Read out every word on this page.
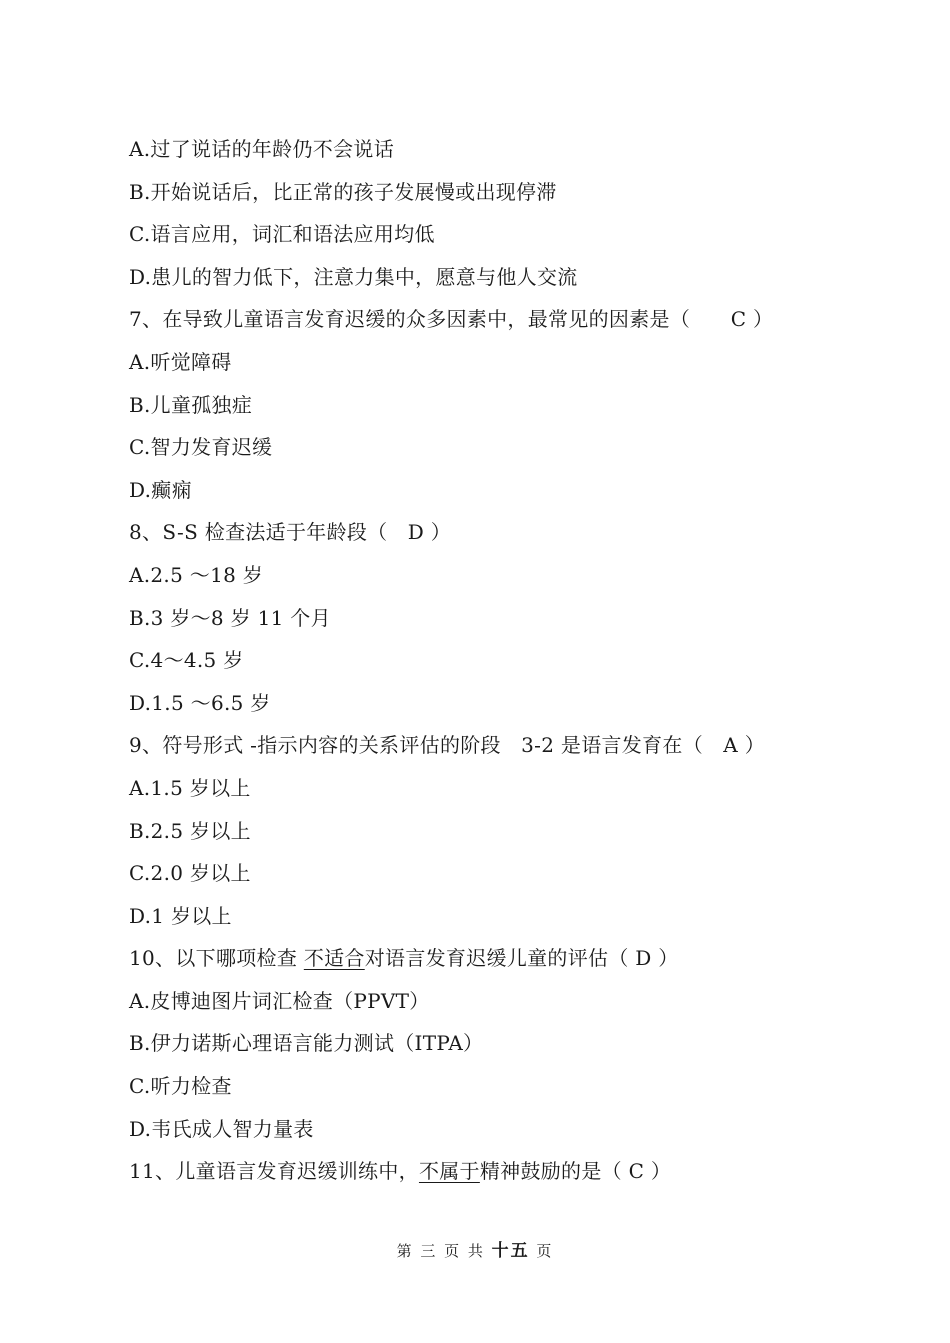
A.过了说话的年龄仍不会说话
B.开始说话后，比正常的孩子发展慢或出现停滞
C.语言应用，词汇和语法应用均低
D.患儿的智力低下，注意力集中，愿意与他人交流
7、在导致儿童语言发育迟缓的众多因素中，最常见的因素是（　　C ）
A.听觉障碍
B.儿童孤独症
C.智力发育迟缓
D.癫痫
8、S-S 检查法适于年龄段（　D ）
A.2.5 ～18 岁
B.3 岁～8 岁 11 个月
C.4～4.5 岁
D.1.5 ～6.5 岁
9、符号形式 -指示内容的关系评估的阶段　3-2 是语言发育在（　A ）
A.1.5 岁以上
B.2.5 岁以上
C.2.0 岁以上
D.1 岁以上
10、以下哪项检查 不适合对语言发育迟缓儿童的评估（ D ）
A.皮博迪图片词汇检查（PPVT）
B.伊力诺斯心理语言能力测试（ITPA）
C.听力检查
D.韦氏成人智力量表
11、儿童语言发育迟缓训练中，不属于精神鼓励的是（ C ）
第 三 页 共 十五 页
